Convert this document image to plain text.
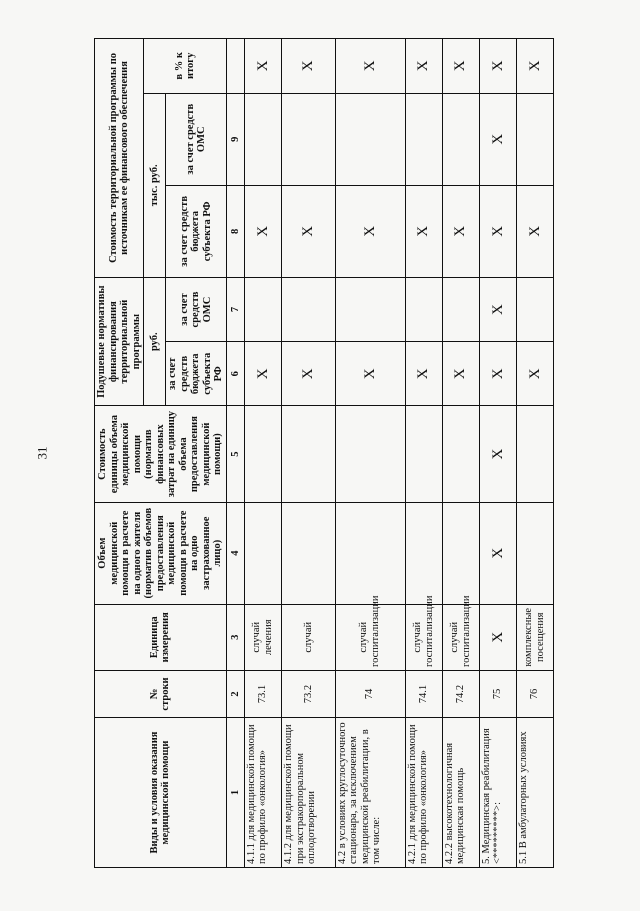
31
Виды и условия оказания медицинской помощи	№ строки	Единица измерения	Объем медицинской помощи в расчете на одного жителя (норматив объемов предоставления медицинской помощи в расчете на одно застрахованное лицо)	Стоимость единицы объема медицинской помощи (норматив финансовых затрат на единицу объема предоставления медицинской помощи)	Подушевые нормативы финансирования территориальной программы		Стоимость территориальной программы по источникам ее финансового обеспечения		
					руб.		тыс. руб.		в % к итогу
					за счет средств бюджета субъекта РФ	за счет средств ОМС	за счет средств бюджета субъекта РФ	за счет средств ОМС	
1	2	3	4	5	6	7	8	9	
4.1.1 для медицинской помощи по профилю «онкология»	73.1	случай лечения			X		X		X
4.1.2 для медицинской помощи при экстракорпоральном оплодотворении	73.2	случай			X		X		X
4.2 в условиях круглосуточного стационара, за исключением медицинской реабилитации, в том числе:	74	случай госпитализации			X		X		X
4.2.1 для медицинской помощи по профилю «онкология»	74.1	случай госпитализации			X		X		X
4.2.2 высокотехнологичная медицинская помощь	74.2	случай госпитализации			X		X		X
5. Медицинская реабилитация <*********>:	75	X	X	X	X	X	X	X	X
5.1 В амбулаторных условиях	76	комплексные посещения			X		X		X
